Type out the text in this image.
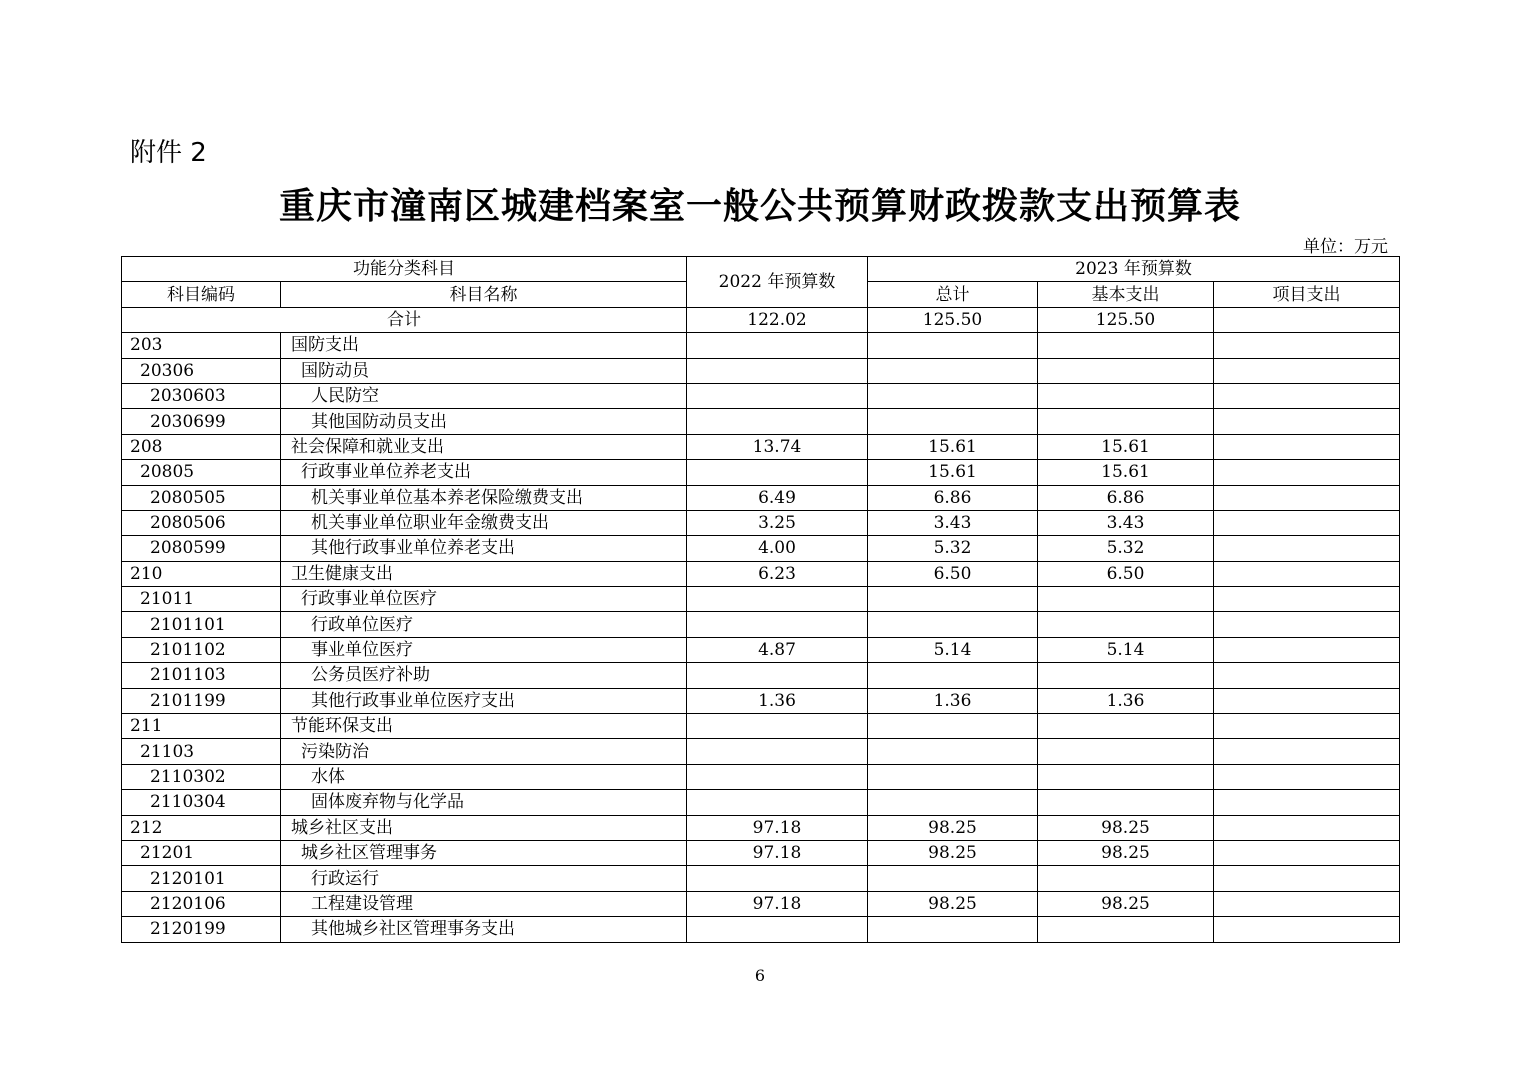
附件 2
重庆市潼南区城建档案室一般公共预算财政拨款支出预算表
单位：万元
功能分类科目		2022 年预算数	2023 年预算数		
科目编码	科目名称		总计	基本支出	项目支出
合计		122.02	125.50	125.50	
203	国防支出				
20306	国防动员				
2030603	人民防空				
2030699	其他国防动员支出				
208	社会保障和就业支出	13.74	15.61	15.61	
20805	行政事业单位养老支出		15.61	15.61	
2080505	机关事业单位基本养老保险缴费支出	6.49	6.86	6.86	
2080506	机关事业单位职业年金缴费支出	3.25	3.43	3.43	
2080599	其他行政事业单位养老支出	4.00	5.32	5.32	
210	卫生健康支出	6.23	6.50	6.50	
21011	行政事业单位医疗				
2101101	行政单位医疗				
2101102	事业单位医疗	4.87	5.14	5.14	
2101103	公务员医疗补助				
2101199	其他行政事业单位医疗支出	1.36	1.36	1.36	
211	节能环保支出				
21103	污染防治				
2110302	水体				
2110304	固体废弃物与化学品				
212	城乡社区支出	97.18	98.25	98.25	
21201	城乡社区管理事务	97.18	98.25	98.25	
2120101	行政运行				
2120106	工程建设管理	97.18	98.25	98.25	
2120199	其他城乡社区管理事务支出				
6
